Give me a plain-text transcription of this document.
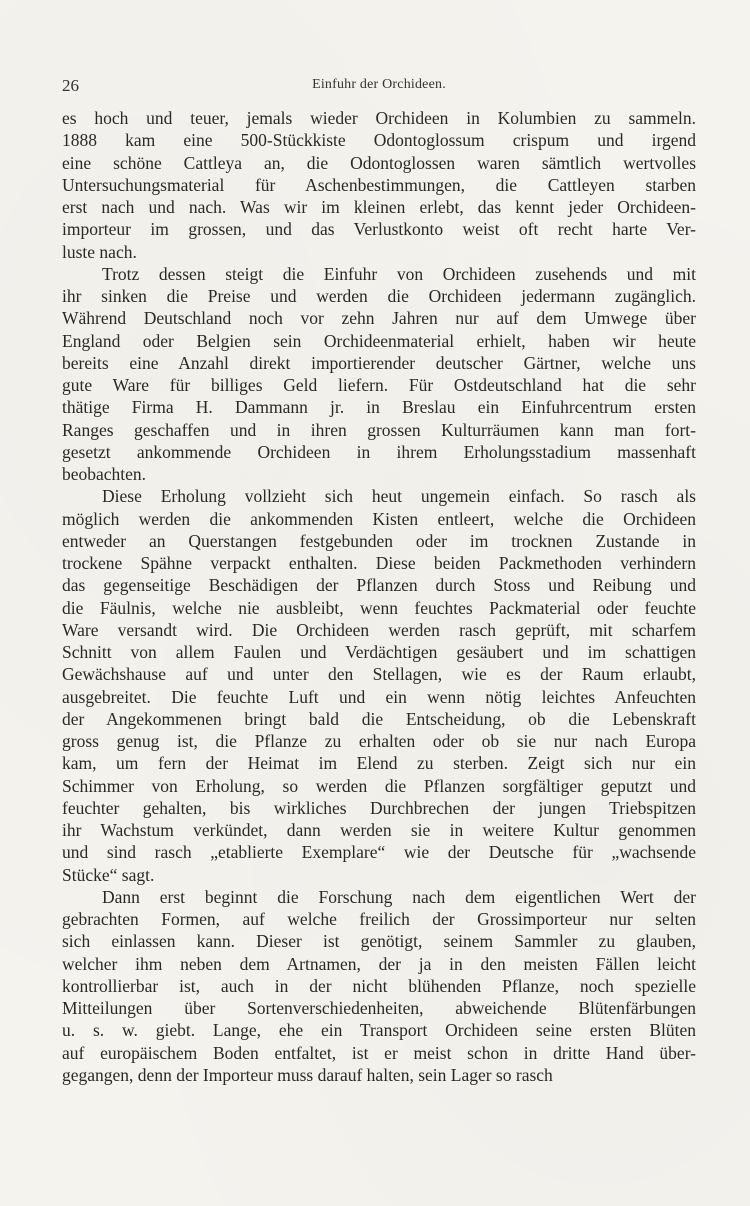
26	Einfuhr der Orchideen.
es hoch und teuer, jemals wieder Orchideen in Kolumbien zu sammeln.
1888 kam eine 500-Stückkiste Odontoglossum crispum und irgend
eine schöne Cattleya an, die Odontoglossen waren sämtlich wertvolles
Untersuchungsmaterial für Aschenbestimmungen, die Cattleyen starben
erst nach und nach. Was wir im kleinen erlebt, das kennt jeder Orchideen-
importeur im grossen, und das Verlustkonto weist oft recht harte Ver-
luste nach.
Trotz dessen steigt die Einfuhr von Orchideen zusehends und mit
ihr sinken die Preise und werden die Orchideen jedermann zugänglich.
Während Deutschland noch vor zehn Jahren nur auf dem Umwege über
England oder Belgien sein Orchideenmaterial erhielt, haben wir heute
bereits eine Anzahl direkt importierender deutscher Gärtner, welche uns
gute Ware für billiges Geld liefern. Für Ostdeutschland hat die sehr
thätige Firma H. Dammann jr. in Breslau ein Einfuhrcentrum ersten
Ranges geschaffen und in ihren grossen Kulturräumen kann man fort-
gesetzt ankommende Orchideen in ihrem Erholungsstadium massenhaft
beobachten.
Diese Erholung vollzieht sich heut ungemein einfach. So rasch als
möglich werden die ankommenden Kisten entleert, welche die Orchideen
entweder an Querstangen festgebunden oder im trocknen Zustande in
trockene Spähne verpackt enthalten. Diese beiden Packmethoden verhindern
das gegenseitige Beschädigen der Pflanzen durch Stoss und Reibung und
die Fäulnis, welche nie ausbleibt, wenn feuchtes Packmaterial oder feuchte
Ware versandt wird. Die Orchideen werden rasch geprüft, mit scharfem
Schnitt von allem Faulen und Verdächtigen gesäubert und im schattigen
Gewächshause auf und unter den Stellagen, wie es der Raum erlaubt,
ausgebreitet. Die feuchte Luft und ein wenn nötig leichtes Anfeuchten
der Angekommenen bringt bald die Entscheidung, ob die Lebenskraft
gross genug ist, die Pflanze zu erhalten oder ob sie nur nach Europa
kam, um fern der Heimat im Elend zu sterben. Zeigt sich nur ein
Schimmer von Erholung, so werden die Pflanzen sorgfältiger geputzt und
feuchter gehalten, bis wirkliches Durchbrechen der jungen Triebspitzen
ihr Wachstum verkündet, dann werden sie in weitere Kultur genommen
und sind rasch „etablierte Exemplare“ wie der Deutsche für „wachsende
Stücke“ sagt.
Dann erst beginnt die Forschung nach dem eigentlichen Wert der
gebrachten Formen, auf welche freilich der Grossimporteur nur selten
sich einlassen kann. Dieser ist genötigt, seinem Sammler zu glauben,
welcher ihm neben dem Artnamen, der ja in den meisten Fällen leicht
kontrollierbar ist, auch in der nicht blühenden Pflanze, noch spezielle
Mitteilungen über Sortenverschiedenheiten, abweichende Blütenfärbungen
u. s. w. giebt. Lange, ehe ein Transport Orchideen seine ersten Blüten
auf europäischem Boden entfaltet, ist er meist schon in dritte Hand über-
gegangen, denn der Importeur muss darauf halten, sein Lager so rasch
